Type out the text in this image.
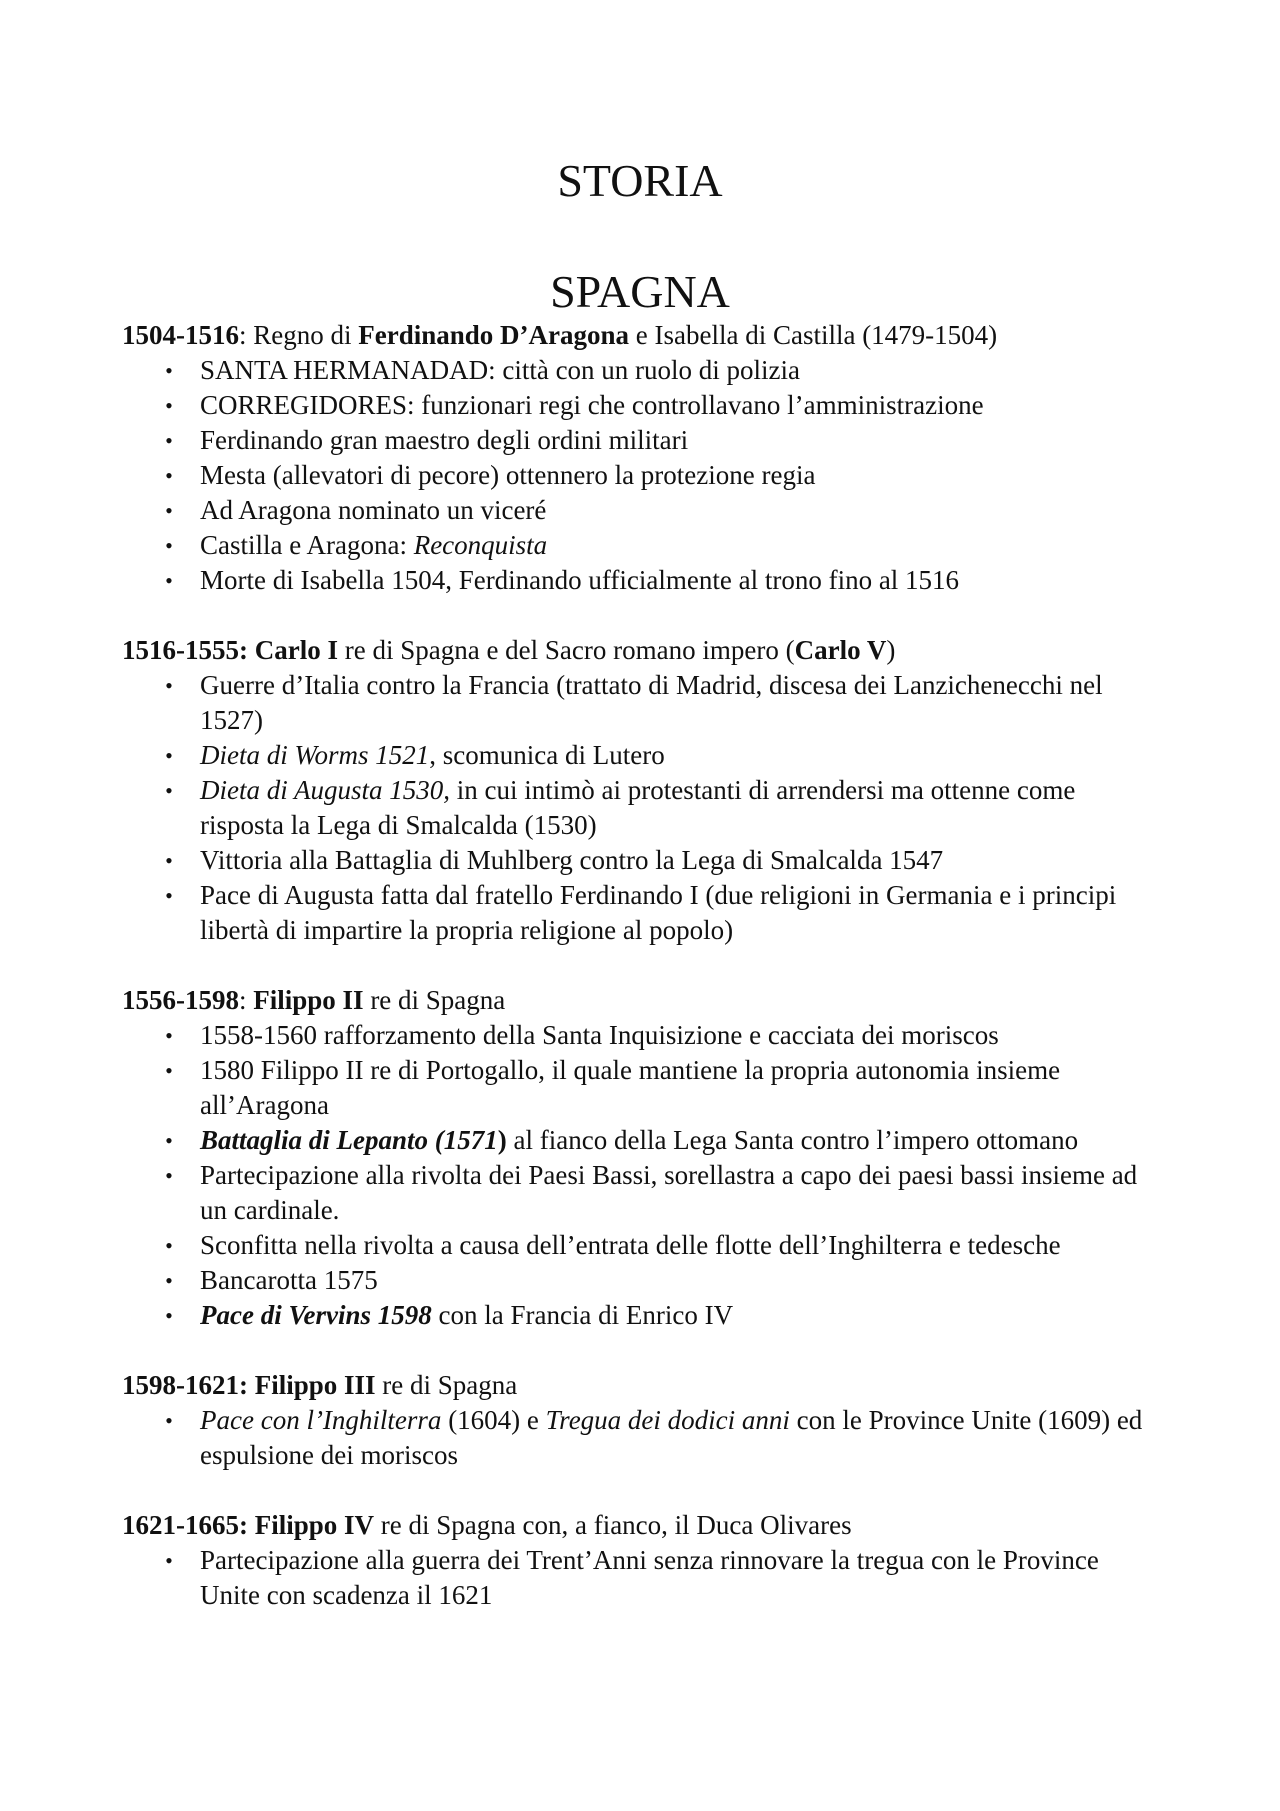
STORIA
SPAGNA

1504-1516: Regno di Ferdinando D’Aragona e Isabella di Castilla (1479-1504)

• SANTA HERMANADAD: città con un ruolo di polizia
• CORREGIDORES: funzionari regi che controllavano l’amministrazione
• Ferdinando gran maestro degli ordini militari
• Mesta (allevatori di pecore) ottennero la protezione regia
• Ad Aragona nominato un viceré
• Castilla e Aragona: Reconquista
• Morte di Isabella 1504, Ferdinando ufficialmente al trono fino al 1516

1516-1555: Carlo I re di Spagna e del Sacro romano impero (Carlo V)

• Guerre d’Italia contro la Francia (trattato di Madrid, discesa dei Lanzichenecchi nel 1527)
• Dieta di Worms 1521, scomunica di Lutero
• Dieta di Augusta 1530, in cui intimò ai protestanti di arrendersi ma ottenne come risposta la Lega di Smalcalda (1530)
• Vittoria alla Battaglia di Muhlberg contro la Lega di Smalcalda 1547
• Pace di Augusta fatta dal fratello Ferdinando I (due religioni in Germania e i principi libertà di impartire la propria religione al popolo)

1556-1598: Filippo II re di Spagna

• 1558-1560 rafforzamento della Santa Inquisizione e cacciata dei moriscos
• 1580 Filippo II re di Portogallo, il quale mantiene la propria autonomia insieme all’Aragona
• Battaglia di Lepanto (1571) al fianco della Lega Santa contro l’impero ottomano
• Partecipazione alla rivolta dei Paesi Bassi, sorellastra a capo dei paesi bassi insieme ad un cardinale.
• Sconfitta nella rivolta a causa dell’entrata delle flotte dell’Inghilterra e tedesche
• Bancarotta 1575
• Pace di Vervins 1598 con la Francia di Enrico IV

1598-1621: Filippo III re di Spagna

• Pace con l’Inghilterra (1604) e Tregua dei dodici anni con le Province Unite (1609) ed espulsione dei moriscos

1621-1665: Filippo IV re di Spagna con, a fianco, il Duca Olivares

• Partecipazione alla guerra dei Trent’Anni senza rinnovare la tregua con le Province Unite con scadenza il 1621
